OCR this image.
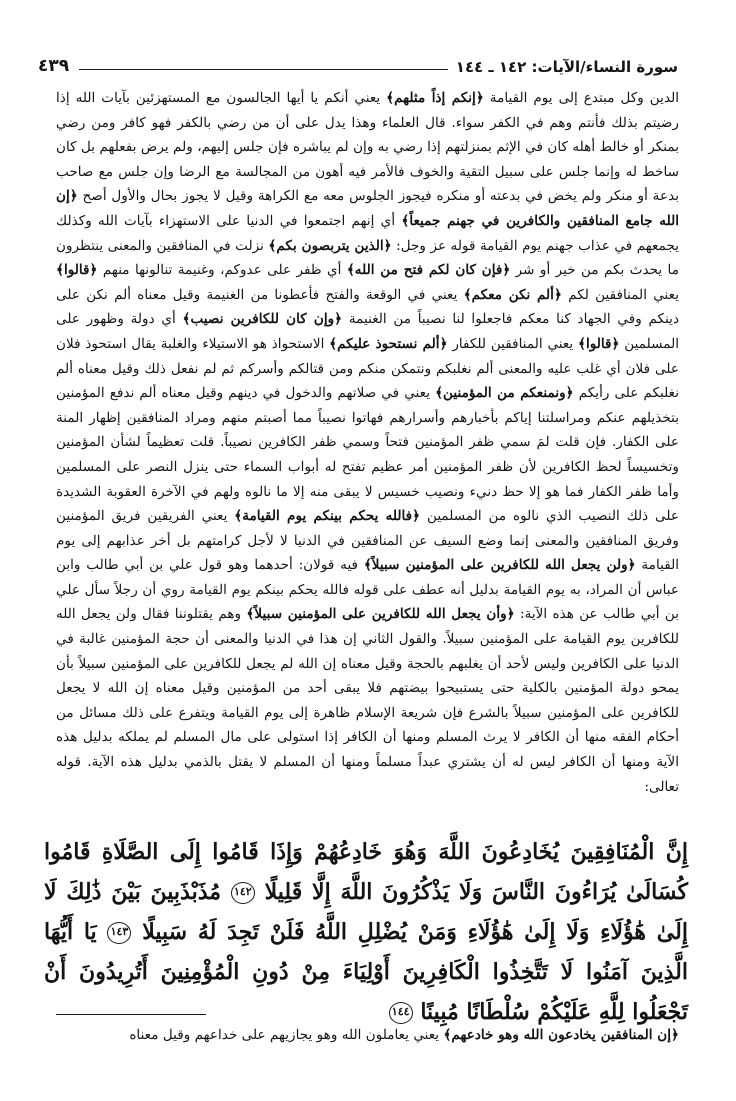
سورة النساء/الآيات: ١٤٢ ـ ١٤٤
٤٣٩

الدين وكل مبتدع إلى يوم القيامة ﴿إنكم إذاً مثلهم﴾ يعني أنكم يا أيها الجالسون مع المستهزئين بآيات الله إذا رضيتم بذلك فأنتم وهم في الكفر سواء. قال العلماء وهذا يدل على أن من رضي بالكفر فهو كافر ومن رضي بمنكر أو خالط أهله كان في الإثم بمنزلتهم إذا رضي به وإن لم يباشره فإن جلس إليهم، ولم يرض بفعلهم بل كان ساخط له وإنما جلس على سبيل التقية والخوف فالأمر فيه أهون من المجالسة مع الرضا وإن جلس مع صاحب بدعة أو منكر ولم يخض في بدعته أو منكره فيجوز الجلوس معه مع الكراهة وقيل لا يجوز بحال والأول أصح ﴿إن الله جامع المنافقين والكافرين في جهنم جميعاً﴾ أي إنهم اجتمعوا في الدنيا على الاستهزاء بآيات الله وكذلك يجمعهم في عذاب جهنم يوم القيامة قوله عز وجل: ﴿الذين يتربصون بكم﴾ نزلت في المنافقين والمعنى ينتظرون ما يحدث بكم من خير أو شر ﴿فإن كان لكم فتح من الله﴾ أي ظفر على عدوكم، وغنيمة تنالونها منهم ﴿قالوا﴾ يعني المنافقين لكم ﴿ألم نكن معكم﴾ يعني في الوقعة والفتح فأعطونا من الغنيمة وقيل معناه ألم نكن على دينكم وفي الجهاد كنا معكم فاجعلوا لنا نصيباً من الغنيمة ﴿وإن كان للكافرين نصيب﴾ أي دولة وظهور على المسلمين ﴿قالوا﴾ يعني المنافقين للكفار ﴿ألم نستحوذ عليكم﴾ الاستحواذ هو الاستيلاء والغلبة يقال استحوذ فلان على فلان أي غلب عليه والمعنى ألم نغلبكم ونتمكن منكم ومن قتالكم وأسركم ثم لم نفعل ذلك وقيل معناه ألم نغلبكم على رأيكم ﴿ونمنعكم من المؤمنين﴾ يعني في صلاتهم والدخول في دينهم وقيل معناه ألم ندفع المؤمنين بتخذيلهم عنكم ومراسلتنا إياكم بأخبارهم وأسرارهم فهاتوا نصيباً مما أصبتم منهم ومراد المنافقين إظهار المنة على الكفار. فإن قلت لمَ سمي ظفر المؤمنين فتحاً وسمي ظفر الكافرين نصيباً. قلت تعظيماً لشأن المؤمنين وتخسيساً لحظ الكافرين لأن ظفر المؤمنين أمر عظيم تفتح له أبواب السماء حتى ينزل النصر على المسلمين وأما ظفر الكفار فما هو إلا حظ دنيء ونصيب خسيس لا يبقى منه إلا ما نالوه ولهم في الآخرة العقوبة الشديدة على ذلك النصيب الذي نالوه من المسلمين ﴿فالله يحكم بينكم يوم القيامة﴾ يعني الفريقين فريق المؤمنين وفريق المنافقين والمعنى إنما وضع السيف عن المنافقين في الدنيا لا لأجل كرامتهم بل أخر عذابهم إلى يوم القيامة ﴿ولن يجعل الله للكافرين على المؤمنين سبيلاً﴾ فيه قولان: أحدهما وهو قول علي بن أبي طالب وابن عباس أن المراد، به يوم القيامة بدليل أنه عطف على قوله فالله يحكم بينكم يوم القيامة روي أن رجلاً سأل علي بن أبي طالب عن هذه الآية: ﴿وأن يجعل الله للكافرين على المؤمنين سبيلاً﴾ وهم يقتلوننا فقال ولن يجعل الله للكافرين يوم القيامة على المؤمنين سبيلاً. والقول الثاني إن هذا في الدنيا والمعنى أن حجة المؤمنين غالبة في الدنيا على الكافرين وليس لأحد أن يغلبهم بالحجة وقيل معناه إن الله لم يجعل للكافرين على المؤمنين سبيلاً بأن يمحو دولة المؤمنين بالكلية حتى يستبيحوا بيضتهم فلا يبقى أحد من المؤمنين وقيل معناه إن الله لا يجعل للكافرين على المؤمنين سبيلاً بالشرع فإن شريعة الإسلام ظاهرة إلى يوم القيامة ويتفرع على ذلك مسائل من أحكام الفقه منها أن الكافر لا يرث المسلم ومنها أن الكافر إذا استولى على مال المسلم لم يملكه بدليل هذه الآية ومنها أن الكافر ليس له أن يشتري عبداً مسلماً ومنها أن المسلم لا يقتل بالذمي بدليل هذه الآية. قوله تعالى:

إِنَّ الْمُنَافِقِينَ يُخَادِعُونَ اللَّهَ وَهُوَ خَادِعُهُمْ وَإِذَا قَامُوا إِلَى الصَّلَاةِ قَامُوا كُسَالَىٰ يُرَاءُونَ النَّاسَ وَلَا يَذْكُرُونَ اللَّهَ إِلَّا قَلِيلًا ١٤٢ مُذَبْذَبِينَ بَيْنَ ذَٰلِكَ لَا إِلَىٰ هَٰؤُلَاءِ وَلَا إِلَىٰ هَٰؤُلَاءِ وَمَنْ يُضْلِلِ اللَّهُ فَلَنْ تَجِدَ لَهُ سَبِيلًا ١٤٣ يَا أَيُّهَا الَّذِينَ آمَنُوا لَا تَتَّخِذُوا الْكَافِرِينَ أَوْلِيَاءَ مِنْ دُونِ الْمُؤْمِنِينَ أَتُرِيدُونَ أَنْ تَجْعَلُوا لِلَّهِ عَلَيْكُمْ سُلْطَانًا مُبِينًا ١٤٤

﴿إن المنافقين يخادعون الله وهو خادعهم﴾ يعني يعاملون الله وهو يجازيهم على خداعهم وقيل معناه
